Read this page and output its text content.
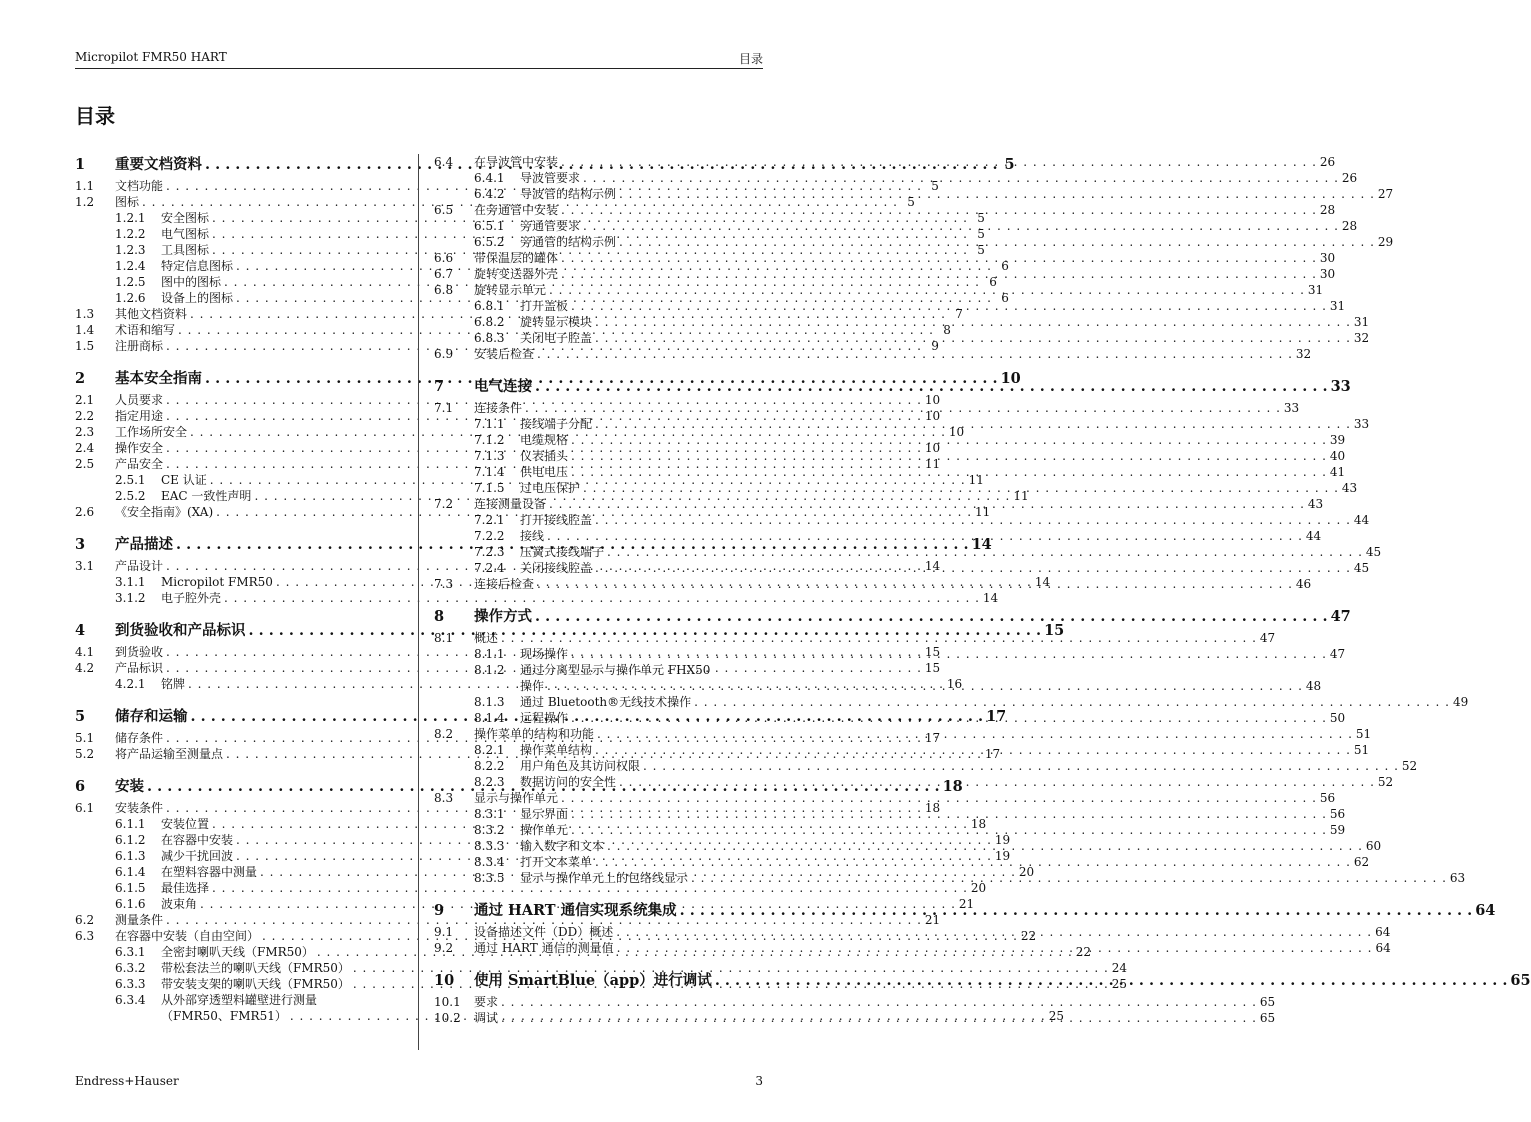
Micropilot FMR50 HART	目录
目录
1	重要文档资料 . . .	5
1.1	文档功能 . . .	5
1.2	图标 . . .	5
1.2.1	安全图标 . . .	5
1.2.2	电气图标 . . .	5
1.2.3	工具图标 . . .	5
1.2.4	特定信息图标 . . .	6
1.2.5	图中的图标 . . .	6
1.2.6	设备上的图标 . . .	6
1.3	其他文档资料 . . .	7
1.4	术语和缩写 . . .	8
1.5	注册商标 . . .	9
2	基本安全指南 . . .	10
2.1	人员要求 . . .	10
2.2	指定用途 . . .	10
2.3	工作场所安全 . . .	10
2.4	操作安全 . . .	10
2.5	产品安全 . . .	11
2.5.1	CE 认证 . . .	11
2.5.2	EAC 一致性声明 . . .	11
2.6	《安全指南》(XA) . . .	11
3	产品描述 . . .	14
3.1	产品设计 . . .	14
3.1.1	Micropilot FMR50 . . .	14
3.1.2	电子腔外壳 . . .	14
4	到货验收和产品标识 . . .	15
4.1	到货验收 . . .	15
4.2	产品标识 . . .	15
4.2.1	铭牌 . . .	16
5	储存和运输 . . .	17
5.1	储存条件 . . .	17
5.2	将产品运输至测量点 . . .	17
6	安装 . . .	18
6.1	安装条件 . . .	18
6.1.1	安装位置 . . .	18
6.1.2	在容器中安装 . . .	19
6.1.3	减少干扰回波 . . .	19
6.1.4	在塑料容器中测量 . . .	20
6.1.5	最佳选择 . . .	20
6.1.6	波束角 . . .	21
6.2	测量条件 . . .	21
6.3	在容器中安装（自由空间） . . .	22
6.3.1	全密封喇叭天线（FMR50） . . .	22
6.3.2	带松套法兰的喇叭天线（FMR50） . . .	24
6.3.3	带安装支架的喇叭天线（FMR50） . . .	25
6.3.4	从外部穿透塑料罐壁进行测量
（FMR50、FMR51） . . .	25
6.4	在导波管中安装 . . .	26
6.4.1	导波管要求 . . .	26
6.4.2	导波管的结构示例 . . .	27
6.5	在旁通管中安装 . . .	28
6.5.1	旁通管要求 . . .	28
6.5.2	旁通管的结构示例 . . .	29
6.6	带保温层的罐体 . . .	30
6.7	旋转变送器外壳 . . .	30
6.8	旋转显示单元 . . .	31
6.8.1	打开盖板 . . .	31
6.8.2	旋转显示模块 . . .	31
6.8.3	关闭电子腔盖 . . .	32
6.9	安装后检查 . . .	32
7	电气连接 . . .	33
7.1	连接条件 . . .	33
7.1.1	接线端子分配 . . .	33
7.1.2	电缆规格 . . .	39
7.1.3	仪表插头 . . .	40
7.1.4	供电电压 . . .	41
7.1.5	过电压保护 . . .	43
7.2	连接测量设备 . . .	43
7.2.1	打开接线腔盖 . . .	44
7.2.2	接线 . . .	44
7.2.3	压簧式接线端子 . . .	45
7.2.4	关闭接线腔盖 . . .	45
7.3	连接后检查 . . .	46
8	操作方式 . . .	47
8.1	概述 . . .	47
8.1.1	现场操作 . . .	47
8.1.2	通过分离型显示与操作单元 FHX50
操作 . . .	48
8.1.3	通过 Bluetooth®无线技术操作 . . .	49
8.1.4	远程操作 . . .	50
8.2	操作菜单的结构和功能 . . .	51
8.2.1	操作菜单结构 . . .	51
8.2.2	用户角色及其访问权限 . . .	52
8.2.3	数据访问的安全性 . . .	52
8.3	显示与操作单元 . . .	56
8.3.1	显示界面 . . .	56
8.3.2	操作单元 . . .	59
8.3.3	输入数字和文本 . . .	60
8.3.4	打开文本菜单 . . .	62
8.3.5	显示与操作单元上的包络线显示 . . .	63
9	通过 HART 通信实现系统集成 . . .	64
9.1	设备描述文件（DD）概述 . . .	64
9.2	通过 HART 通信的测量值 . . .	64
10	使用 SmartBlue（app）进行调试 . . .	65
10.1	要求 . . .	65
10.2	调试 . . .	65
Endress+Hauser	3
